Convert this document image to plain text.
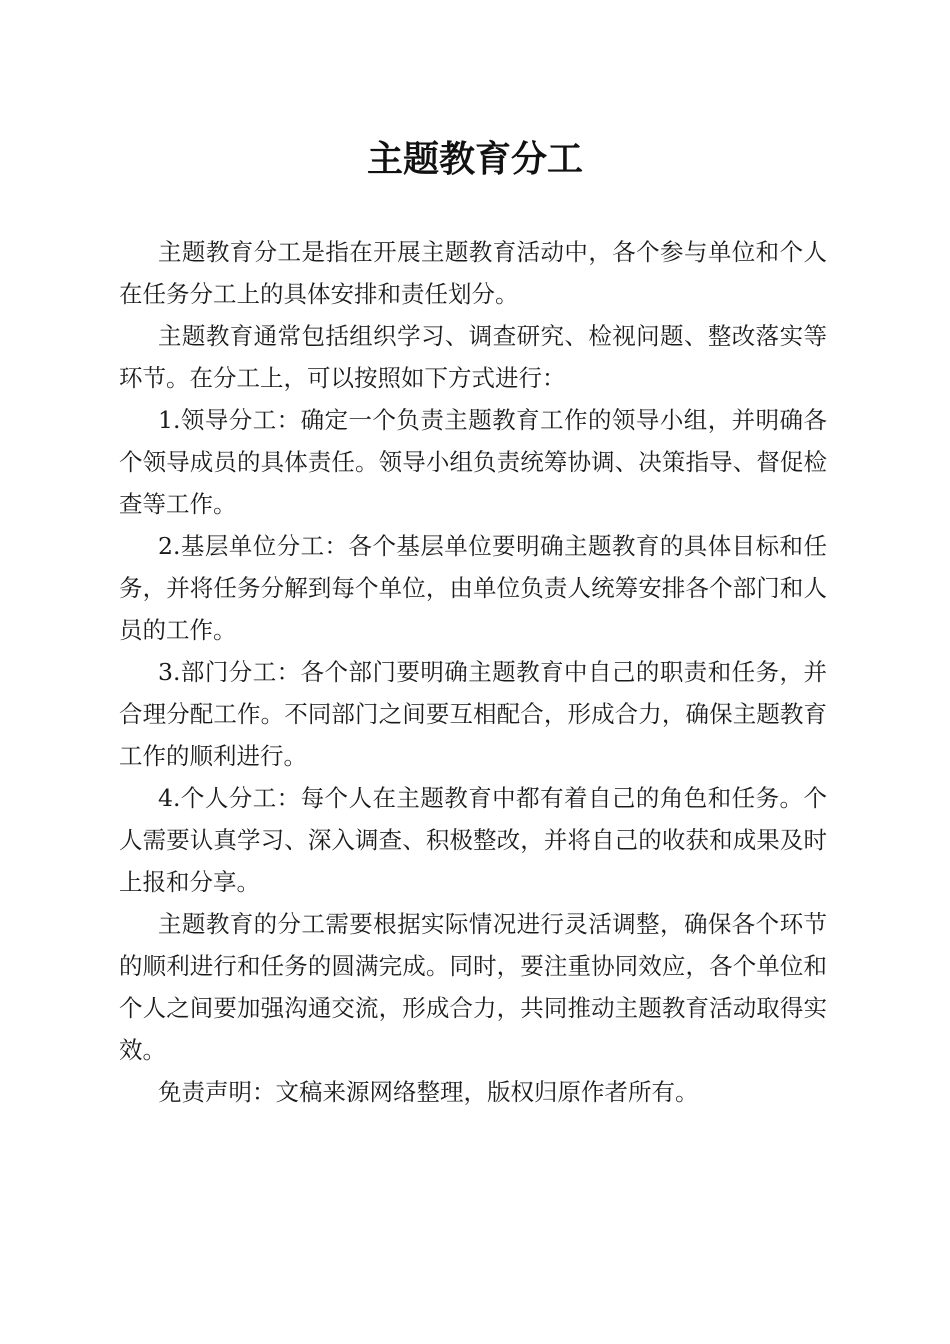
主题教育分工

主题教育分工是指在开展主题教育活动中，各个参与单位和个人在任务分工上的具体安排和责任划分。

主题教育通常包括组织学习、调查研究、检视问题、整改落实等环节。在分工上，可以按照如下方式进行：

1.领导分工：确定一个负责主题教育工作的领导小组，并明确各个领导成员的具体责任。领导小组负责统筹协调、决策指导、督促检查等工作。

2.基层单位分工：各个基层单位要明确主题教育的具体目标和任务，并将任务分解到每个单位，由单位负责人统筹安排各个部门和人员的工作。

3.部门分工：各个部门要明确主题教育中自己的职责和任务，并合理分配工作。不同部门之间要互相配合，形成合力，确保主题教育工作的顺利进行。

4.个人分工：每个人在主题教育中都有着自己的角色和任务。个人需要认真学习、深入调查、积极整改，并将自己的收获和成果及时上报和分享。

主题教育的分工需要根据实际情况进行灵活调整，确保各个环节的顺利进行和任务的圆满完成。同时，要注重协同效应，各个单位和个人之间要加强沟通交流，形成合力，共同推动主题教育活动取得实效。

免责声明：文稿来源网络整理，版权归原作者所有。
